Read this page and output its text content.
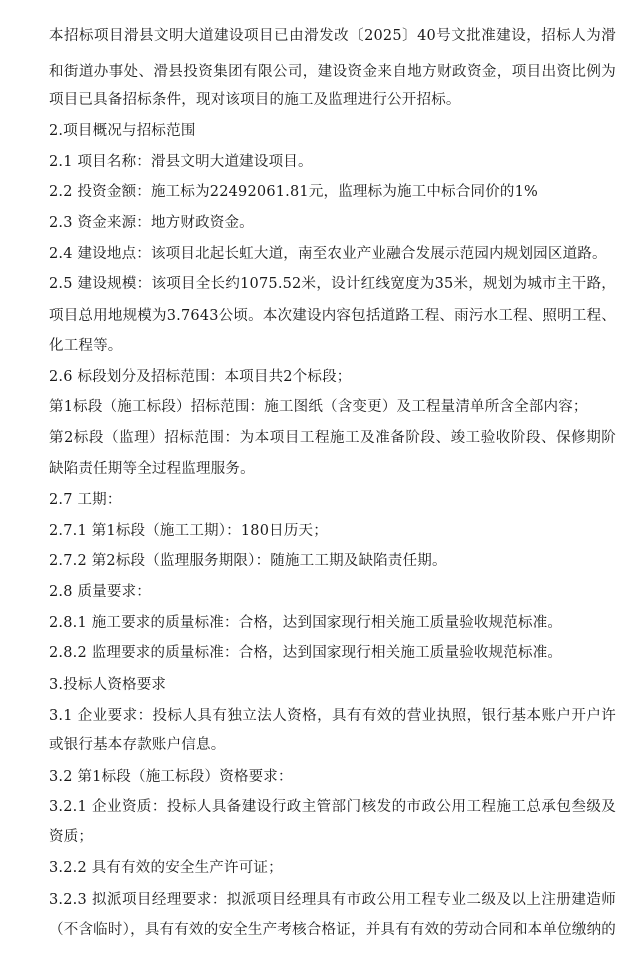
本招标项目滑县文明大道建设项目已由滑发改〔2025〕40号文批准建设，招标人为滑
和街道办事处、滑县投资集团有限公司，建设资金来自地方财政资金，项目出资比例为
项目已具备招标条件，现对该项目的施工及监理进行公开招标。
2.项目概况与招标范围
2.1 项目名称：滑县文明大道建设项目。
2.2 投资金额：施工标为22492061.81元，监理标为施工中标合同价的1%
2.3 资金来源：地方财政资金。
2.4 建设地点：该项目北起长虹大道，南至农业产业融合发展示范园内规划园区道路。
2.5 建设规模：该项目全长约1075.52米，设计红线宽度为35米，规划为城市主干路，
项目总用地规模为3.7643公顷。本次建设内容包括道路工程、雨污水工程、照明工程、
化工程等。
2.6 标段划分及招标范围：本项目共2个标段；
第1标段（施工标段）招标范围：施工图纸（含变更）及工程量清单所含全部内容；
第2标段（监理）招标范围：为本项目工程施工及准备阶段、竣工验收阶段、保修期阶
缺陷责任期等全过程监理服务。
2.7 工期：
2.7.1 第1标段（施工工期）：180日历天；
2.7.2 第2标段（监理服务期限）：随施工工期及缺陷责任期。
2.8 质量要求：
2.8.1 施工要求的质量标准：合格，达到国家现行相关施工质量验收规范标准。
2.8.2 监理要求的质量标准：合格，达到国家现行相关施工质量验收规范标准。
3.投标人资格要求
3.1 企业要求：投标人具有独立法人资格，具有有效的营业执照，银行基本账户开户许
或银行基本存款账户信息。
3.2 第1标段（施工标段）资格要求：
3.2.1 企业资质：投标人具备建设行政主管部门核发的市政公用工程施工总承包叁级及
资质；
3.2.2 具有有效的安全生产许可证；
3.2.3 拟派项目经理要求：拟派项目经理具有市政公用工程专业二级及以上注册建造师
（不含临时），具有有效的安全生产考核合格证，并具有有效的劳动合同和本单位缴纳的
